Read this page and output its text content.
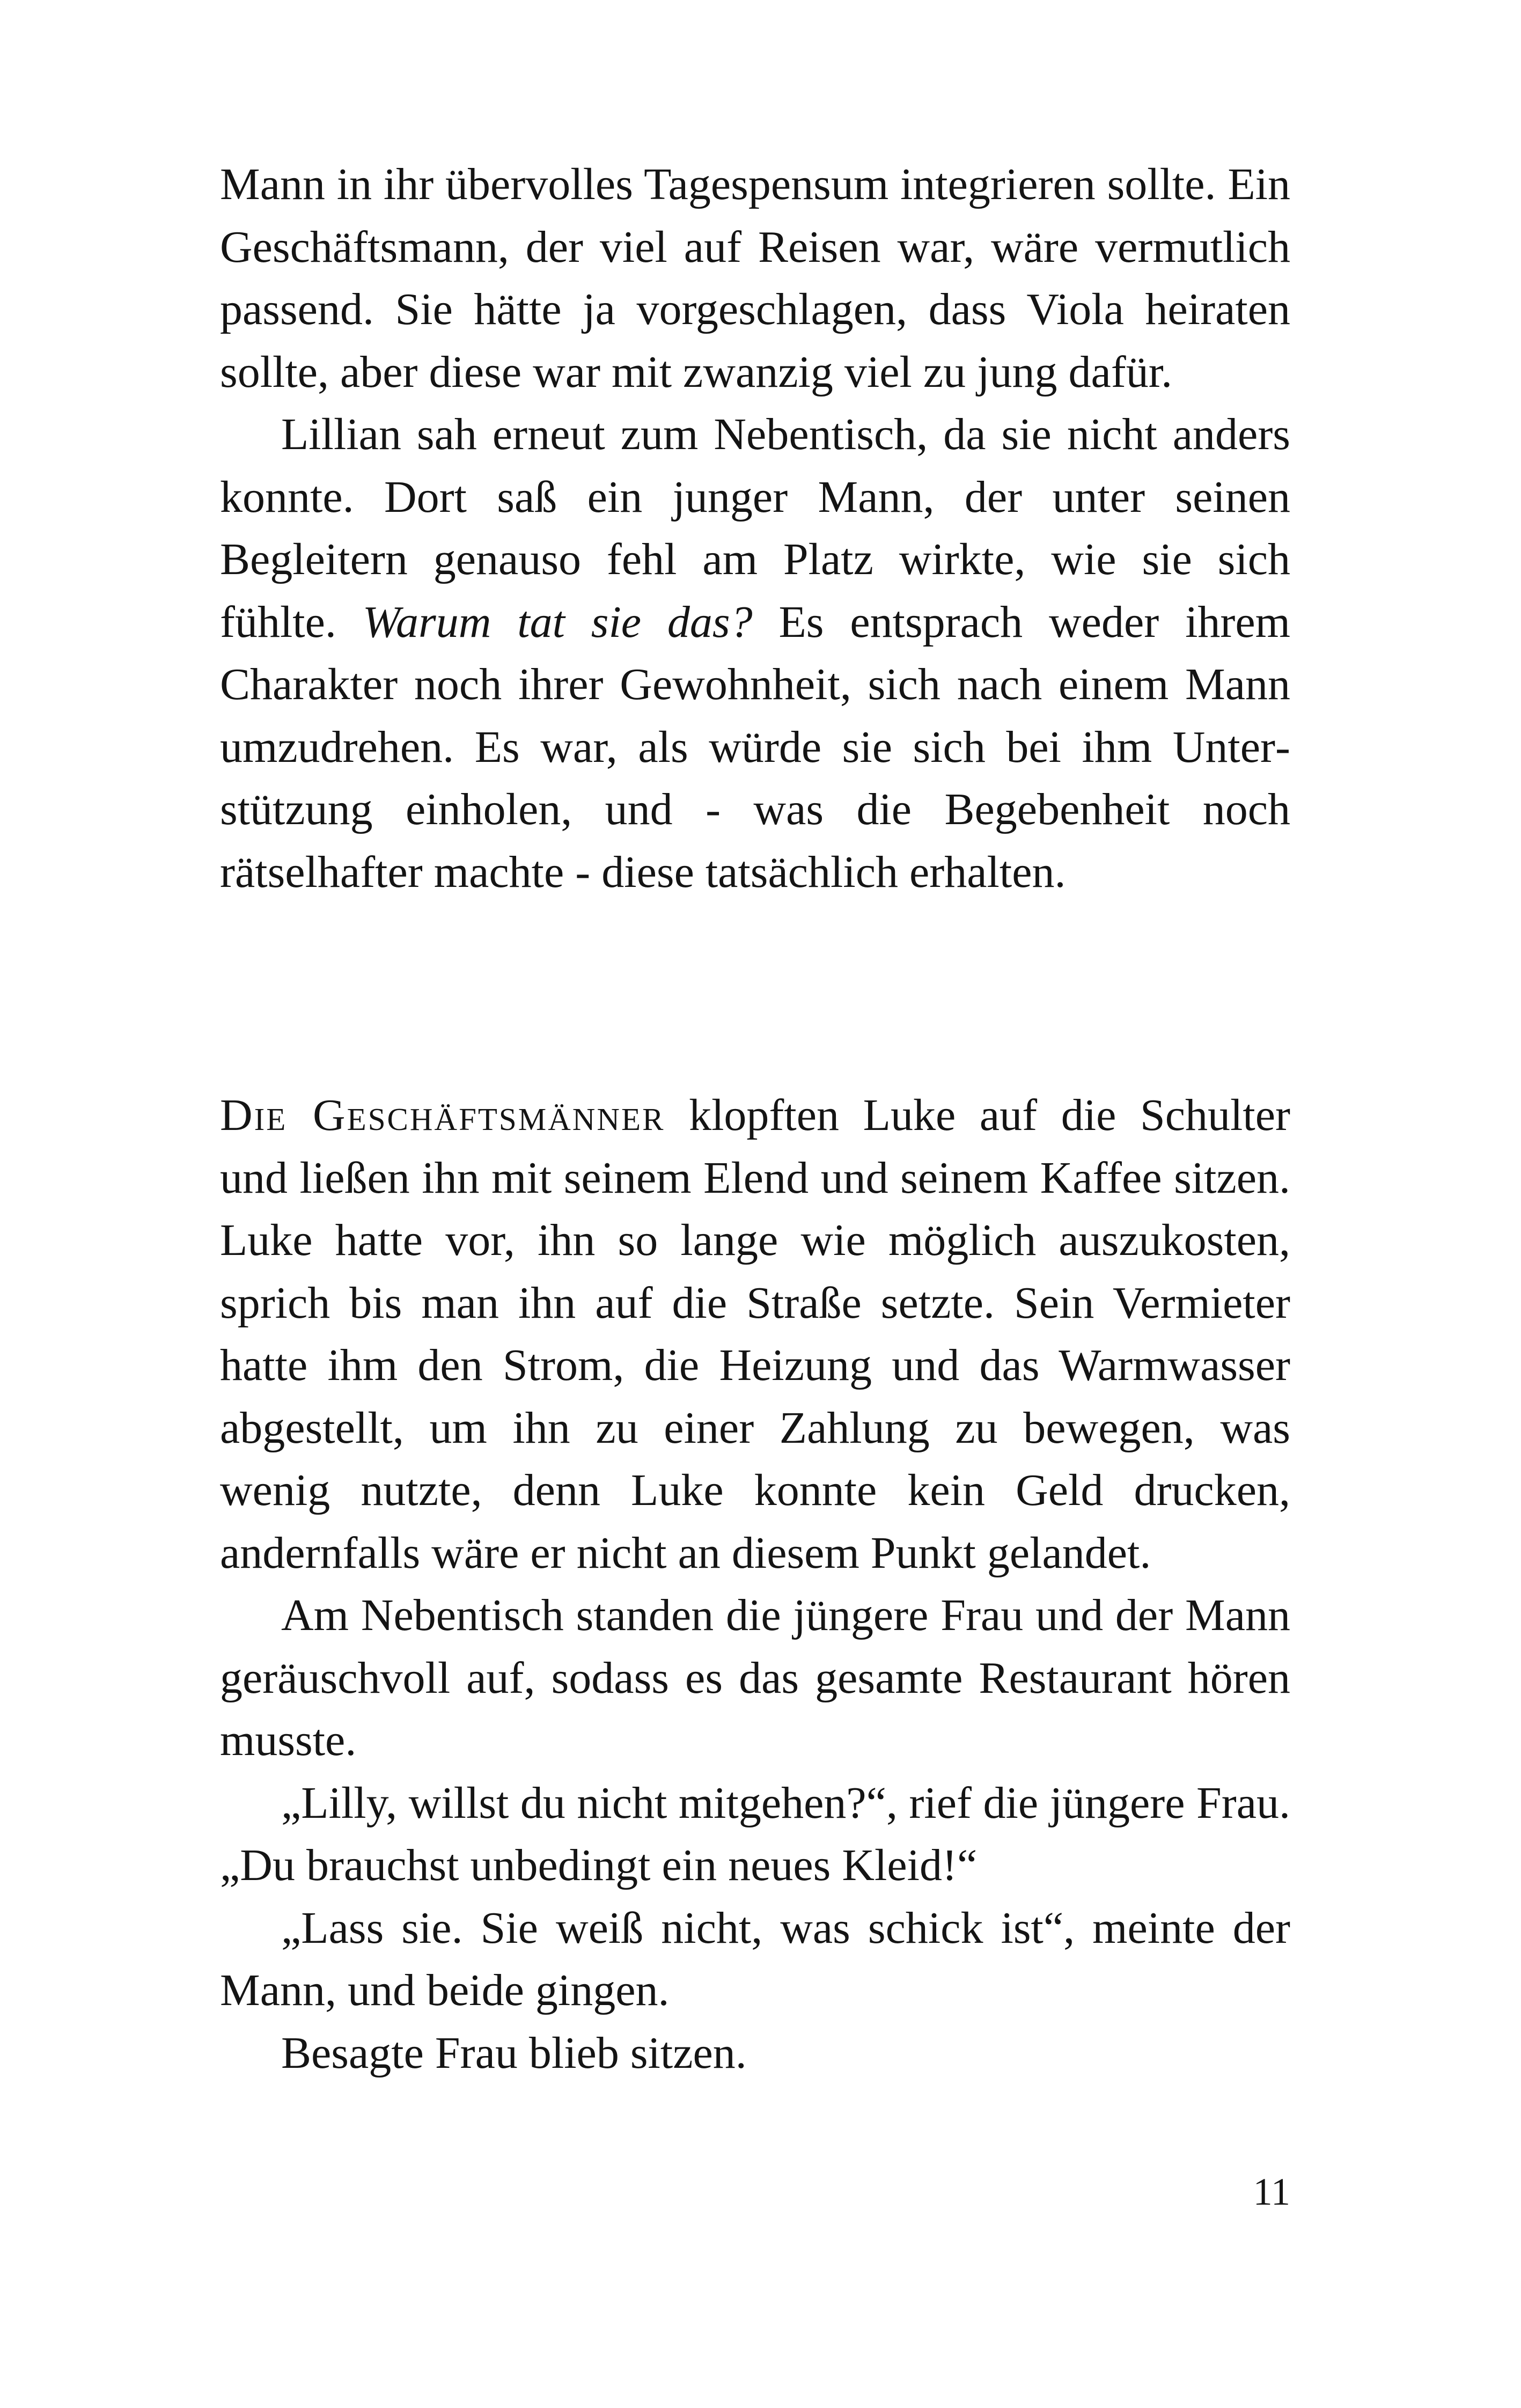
Mann in ihr übervolles Tagespensum integrieren sollte. Ein Geschäftsmann, der viel auf Reisen war, wäre vermutlich passend. Sie hätte ja vorgeschlagen, dass Viola heiraten sollte, aber diese war mit zwanzig viel zu jung dafür.

Lillian sah erneut zum Nebentisch, da sie nicht anders konnte. Dort saß ein junger Mann, der unter seinen Begleitern genauso fehl am Platz wirkte, wie sie sich fühlte. Warum tat sie das? Es entsprach weder ihrem Charakter noch ihrer Gewohnheit, sich nach einem Mann umzudrehen. Es war, als würde sie sich bei ihm Unterstützung einholen, und - was die Begebenheit noch rätselhafter machte - diese tatsächlich erhalten.

Die Geschäftsmänner klopften Luke auf die Schulter und ließen ihn mit seinem Elend und seinem Kaffee sitzen. Luke hatte vor, ihn so lange wie möglich auszukosten, sprich bis man ihn auf die Straße setzte. Sein Vermieter hatte ihm den Strom, die Heizung und das Warmwasser abgestellt, um ihn zu einer Zahlung zu bewegen, was wenig nutzte, denn Luke konnte kein Geld drucken, andernfalls wäre er nicht an diesem Punkt gelandet.

Am Nebentisch standen die jüngere Frau und der Mann geräuschvoll auf, sodass es das gesamte Restaurant hören musste.

„Lilly, willst du nicht mitgehen?“, rief die jüngere Frau. „Du brauchst unbedingt ein neues Kleid!“

„Lass sie. Sie weiß nicht, was schick ist“, meinte der Mann, und beide gingen.

Besagte Frau blieb sitzen.

11
